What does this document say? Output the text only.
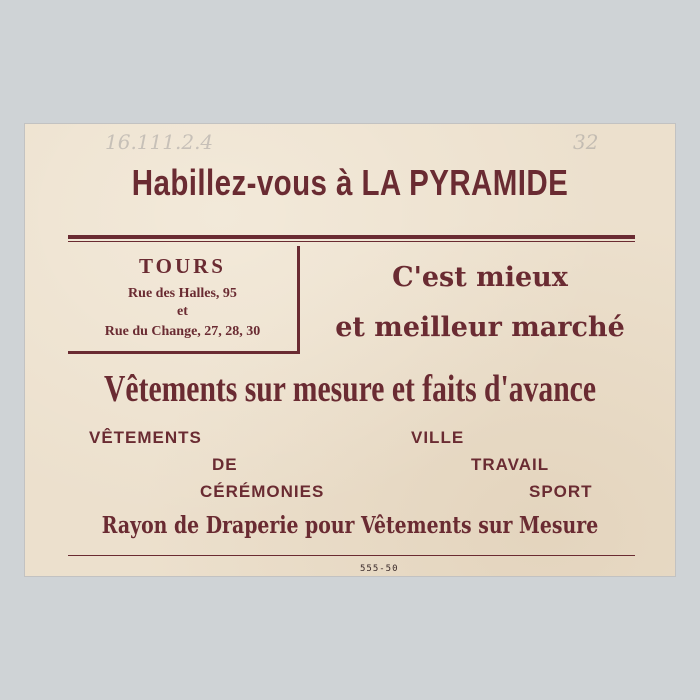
16.111.2.4	32
Habillez-vous à LA PYRAMIDE
TOURS
Rue des Halles, 95
et
Rue du Change, 27, 28, 30
C'est mieux
et meilleur marché
Vêtements sur mesure et faits d'avance
VÊTEMENTS
DE
CÉRÉMONIES
VILLE
TRAVAIL
SPORT
Rayon de Draperie pour Vêtements sur Mesure
555-50
